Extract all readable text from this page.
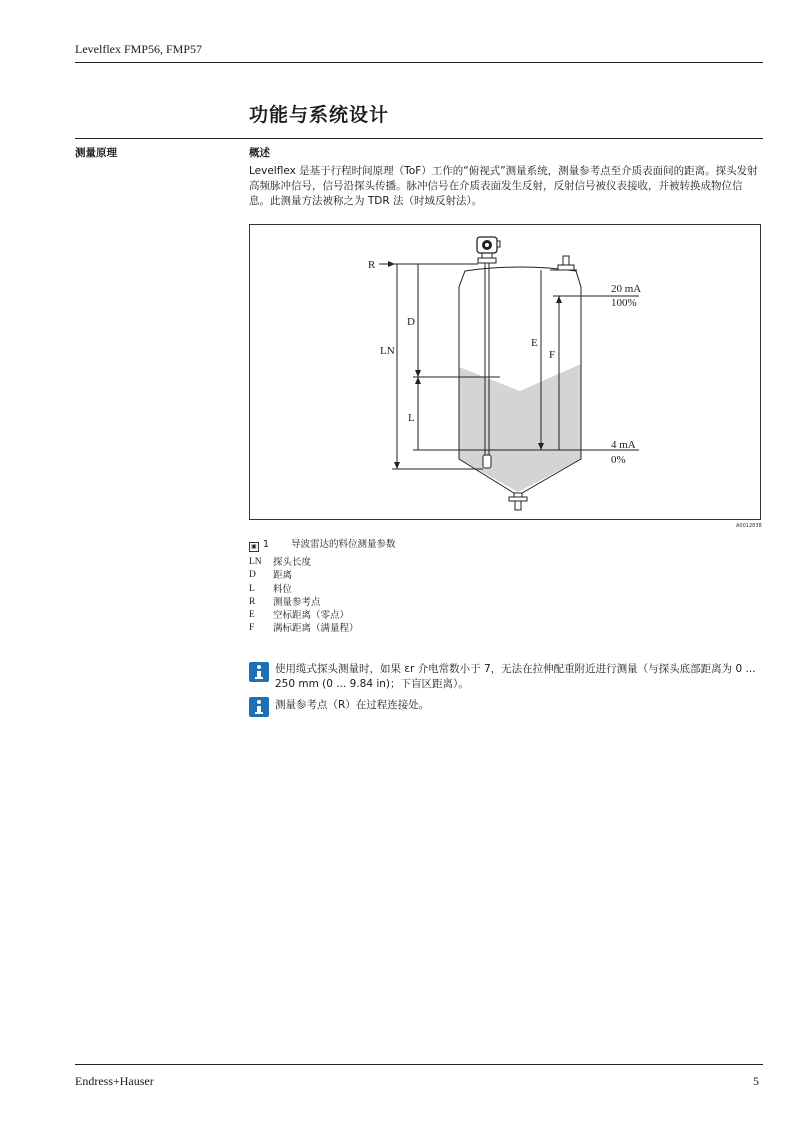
Levelflex FMP56, FMP57
功能与系统设计
测量原理	概述
Levelflex 是基于行程时间原理（ToF）工作的“俯视式”测量系统，测量参考点至介质表面间的距离。探头发射高频脉冲信号，信号沿探头传播。脉冲信号在介质表面发生反射，反射信号被仪表接收，并被转换成物位信息。此测量方法被称之为 TDR 法（时域反射法）。
R
D
LN
L
E
F
20 mA
100%
4 mA
0%
A0012838
▣ 1 导波雷达的料位测量参数
LN	探头长度
D	距离
L	料位
R	测量参考点
E	空标距离（零点）
F	满标距离（满量程）
使用缆式探头测量时，如果 εr 介电常数小于 7，无法在拉伸配重附近进行测量（与探头底部距离为 0 ... 250 mm (0 ... 9.84 in)；下盲区距离）。
测量参考点（R）在过程连接处。
Endress+Hauser	5
